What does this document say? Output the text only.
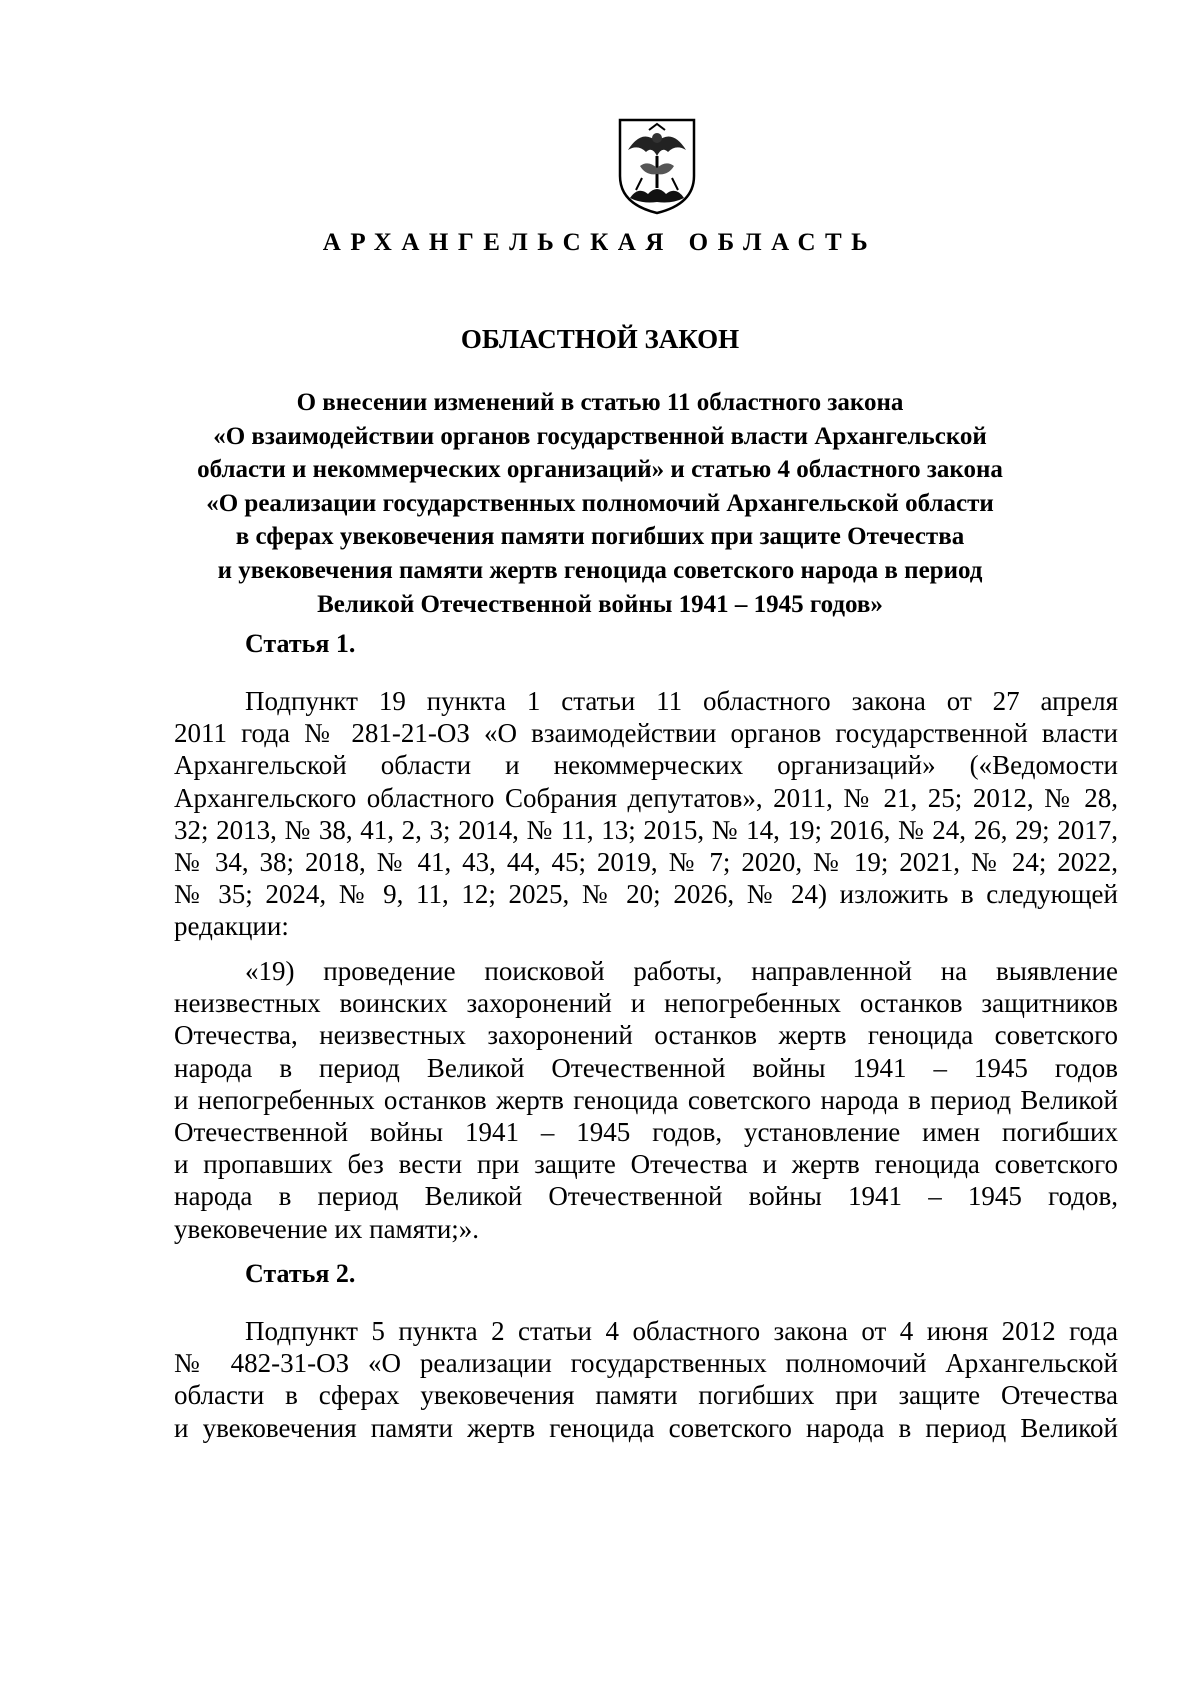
АРХАНГЕЛЬСКАЯ ОБЛАСТЬ
ОБЛАСТНОЙ ЗАКОН
О внесении изменений в статью 11 областного закона
«О взаимодействии органов государственной власти Архангельской
области и некоммерческих организаций» и статью 4 областного закона
«О реализации государственных полномочий Архангельской области
в сферах увековечения памяти погибших при защите Отечества
и увековечения памяти жертв геноцида советского народа в период
Великой Отечественной войны 1941 – 1945 годов»
Статья 1.
Подпункт 19 пункта 1 статьи 11 областного закона от 27 апреля
2011 года № 281-21-ОЗ «О взаимодействии органов государственной власти
Архангельской области и некоммерческих организаций» («Ведомости
Архангельского областного Собрания депутатов», 2011, № 21, 25; 2012, № 28,
32; 2013, № 38, 41, 2, 3; 2014, № 11, 13; 2015, № 14, 19; 2016, № 24, 26, 29; 2017,
№ 34, 38; 2018, № 41, 43, 44, 45; 2019, № 7; 2020, № 19; 2021, № 24; 2022,
№ 35; 2024, № 9, 11, 12; 2025, № 20; 2026, № 24) изложить в следующей
редакции:
«19) проведение поисковой работы, направленной на выявление
неизвестных воинских захоронений и непогребенных останков защитников
Отечества, неизвестных захоронений останков жертв геноцида советского
народа в период Великой Отечественной войны 1941 – 1945 годов
и непогребенных останков жертв геноцида советского народа в период Великой
Отечественной войны 1941 – 1945 годов, установление имен погибших
и пропавших без вести при защите Отечества и жертв геноцида советского
народа в период Великой Отечественной войны 1941 – 1945 годов,
увековечение их памяти;».
Статья 2.
Подпункт 5 пункта 2 статьи 4 областного закона от 4 июня 2012 года
№ 482-31-ОЗ «О реализации государственных полномочий Архангельской
области в сферах увековечения памяти погибших при защите Отечества
и увековечения памяти жертв геноцида советского народа в период Великой
